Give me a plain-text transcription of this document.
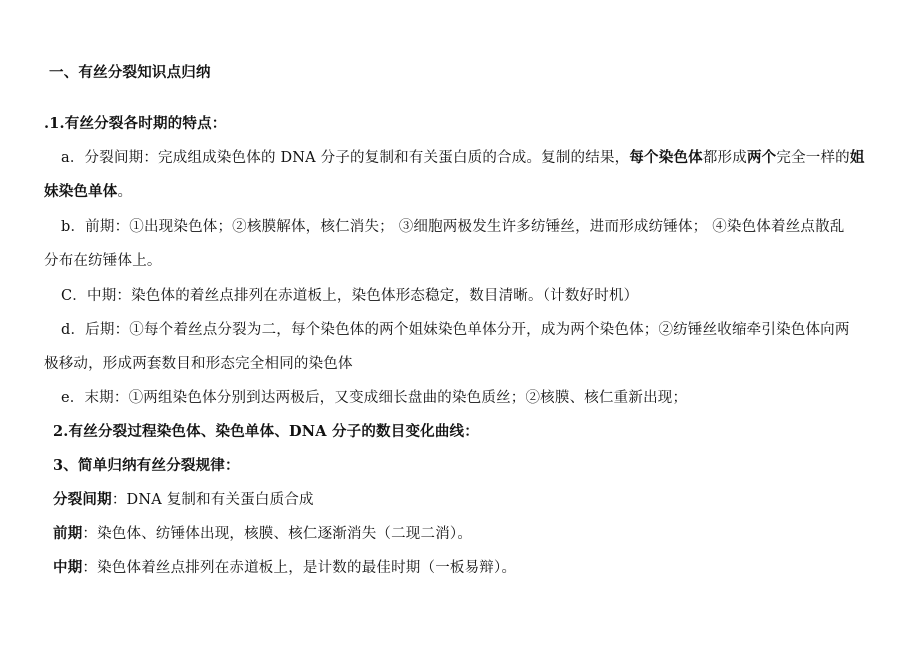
一、有丝分裂知识点归纳
.1.有丝分裂各时期的特点：
a．分裂间期：完成组成染色体的 DNA 分子的复制和有关蛋白质的合成。复制的结果，每个染色体都形成两个完全一样的姐
妹染色单体。
b．前期：①出现染色体；②核膜解体，核仁消失； ③细胞两极发生许多纺锤丝，进而形成纺锤体； ④染色体着丝点散乱
分布在纺锤体上。
C．中期：染色体的着丝点排列在赤道板上，染色体形态稳定，数目清晰。（计数好时机）
d．后期：①每个着丝点分裂为二，每个染色体的两个姐妹染色单体分开，成为两个染色体；②纺锤丝收缩牵引染色体向两
极移动，形成两套数目和形态完全相同的染色体
e．末期：①两组染色体分别到达两极后，又变成细长盘曲的染色质丝；②核膜、核仁重新出现；
2.有丝分裂过程染色体、染色单体、DNA 分子的数目变化曲线：
3、简单归纳有丝分裂规律：
分裂间期：DNA 复制和有关蛋白质合成
前期：染色体、纺锤体出现，核膜、核仁逐渐消失（二现二消）。
中期：染色体着丝点排列在赤道板上，是计数的最佳时期（一板易辩）。
